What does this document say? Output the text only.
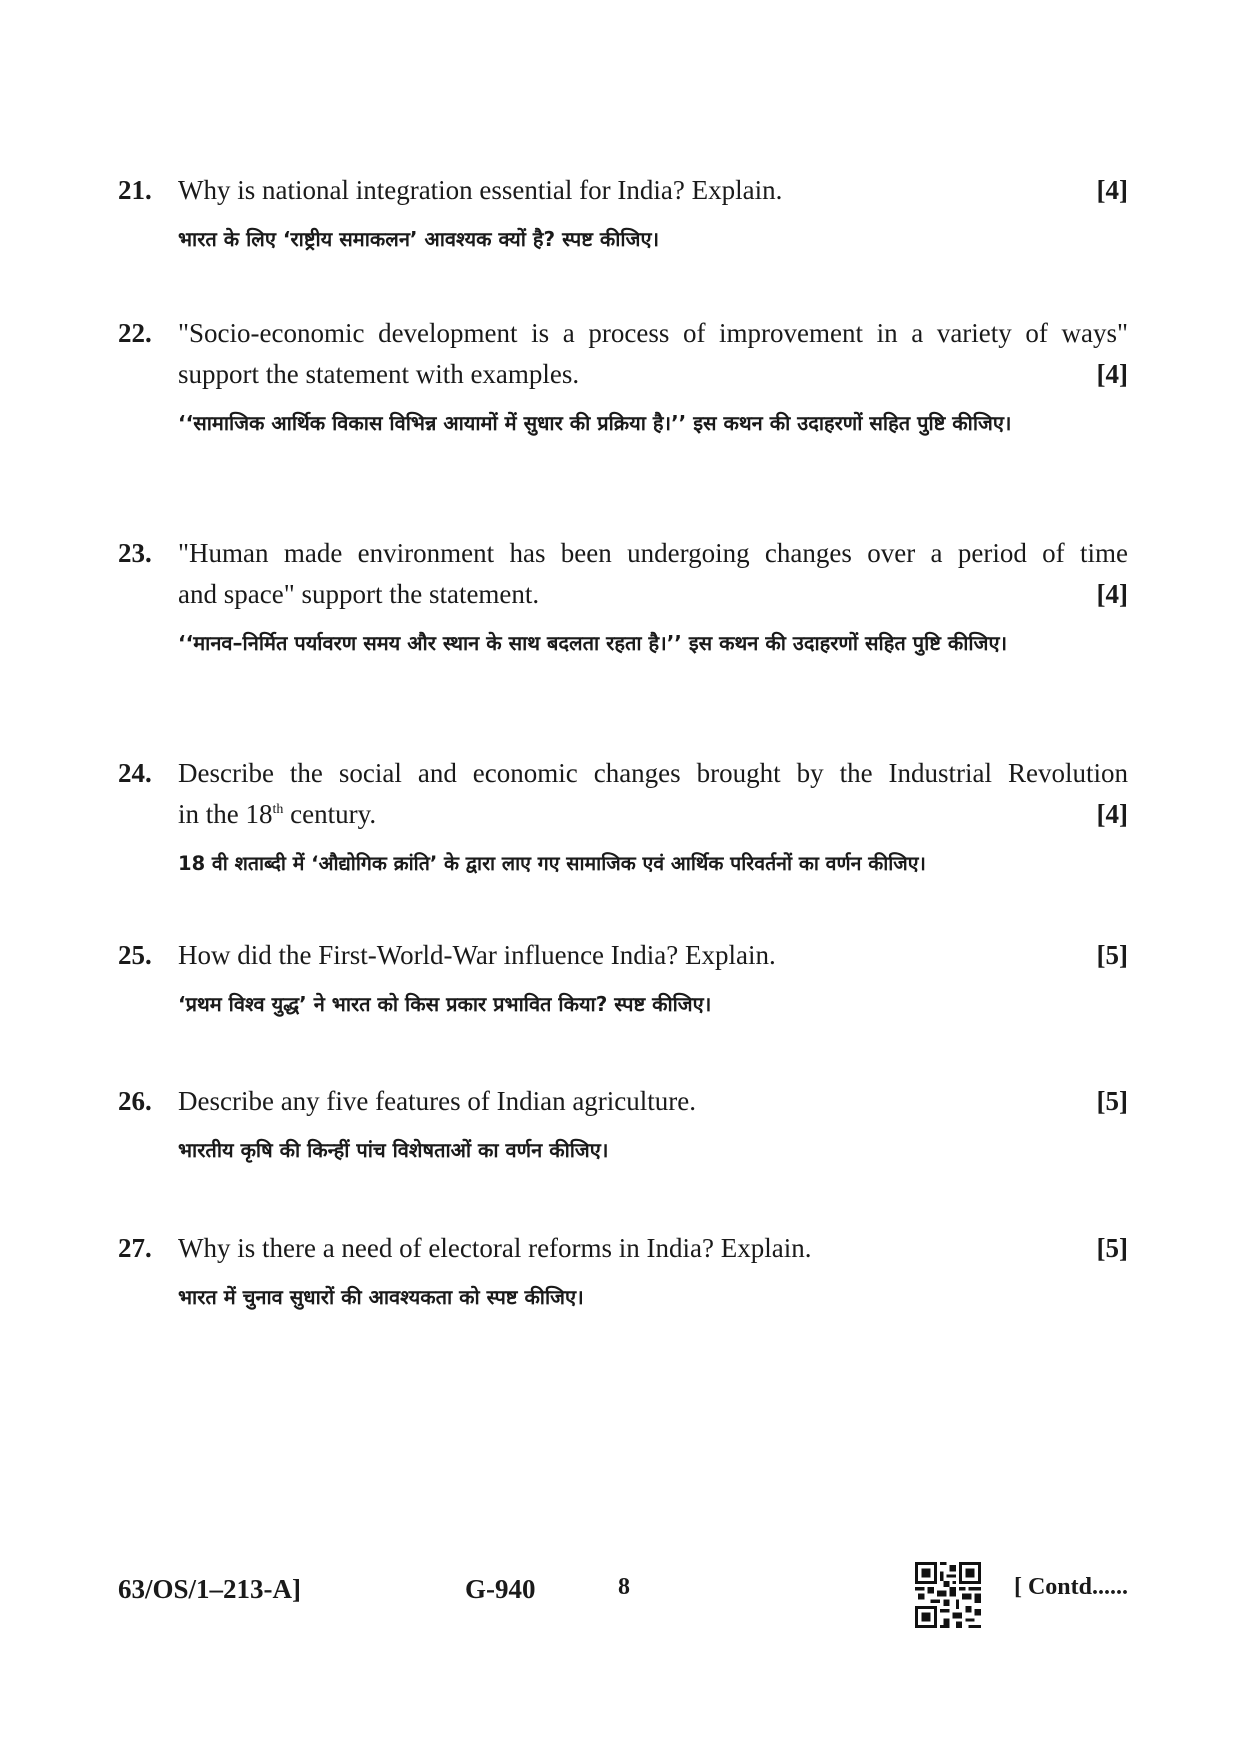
21. Why is national integration essential for India? Explain.	[4]
भारत के लिए ‘राष्ट्रीय समाकलन’ आवश्यक क्यों है? स्पष्ट कीजिए।
22. "Socio-economic development is a process of improvement in a variety of ways"
support the statement with examples.	[4]
‘‘सामाजिक आर्थिक विकास विभिन्न आयामों में सुधार की प्रक्रिया है।’’ इस कथन की उदाहरणों सहित पुष्टि कीजिए।
23. "Human made environment has been undergoing changes over a period of time
and space" support the statement.	[4]
‘‘मानव–निर्मित पर्यावरण समय और स्थान के साथ बदलता रहता है।’’ इस कथन की उदाहरणों सहित पुष्टि कीजिए।
24. Describe the social and economic changes brought by the Industrial Revolution
in the 18th century.	[4]
18 वी शताब्दी में ‘औद्योगिक क्रांति’ के द्वारा लाए गए सामाजिक एवं आर्थिक परिवर्तनों का वर्णन कीजिए।
25. How did the First-World-War influence India? Explain.	[5]
‘प्रथम विश्व युद्ध’ ने भारत को किस प्रकार प्रभावित किया? स्पष्ट कीजिए।
26. Describe any five features of Indian agriculture.	[5]
भारतीय कृषि की किन्हीं पांच विशेषताओं का वर्णन कीजिए।
27. Why is there a need of electoral reforms in India? Explain.	[5]
भारत में चुनाव सुधारों की आवश्यकता को स्पष्ट कीजिए।
63/OS/1–213-A]	G-940	8	[ Contd......
